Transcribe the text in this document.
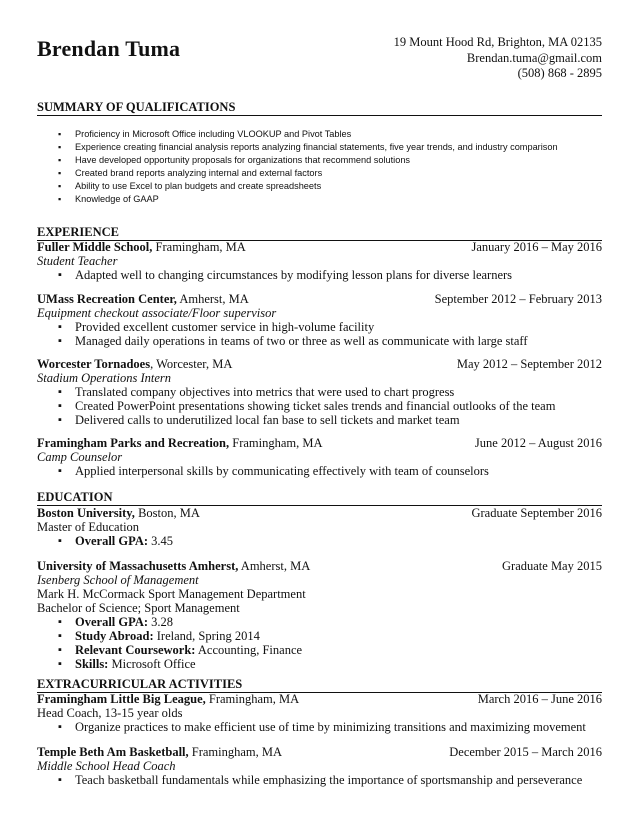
Brendan Tuma	19 Mount Hood Rd, Brighton, MA 02135
Brendan.tuma@gmail.com
(508) 868 - 2895
SUMMARY OF QUALIFICATIONS
▪ Proficiency in Microsoft Office including VLOOKUP and Pivot Tables
▪ Experience creating financial analysis reports analyzing financial statements, five year trends, and industry comparison
▪ Have developed opportunity proposals for organizations that recommend solutions
▪ Created brand reports analyzing internal and external factors
▪ Ability to use Excel to plan budgets and create spreadsheets
▪ Knowledge of GAAP
EXPERIENCE
Fuller Middle School, Framingham, MA	January 2016 – May 2016
Student Teacher
▪ Adapted well to changing circumstances by modifying lesson plans for diverse learners
UMass Recreation Center, Amherst, MA	September 2012 – February 2013
Equipment checkout associate/Floor supervisor
▪ Provided excellent customer service in high-volume facility
▪ Managed daily operations in teams of two or three as well as communicate with large staff
Worcester Tornadoes, Worcester, MA	May 2012 – September 2012
Stadium Operations Intern
▪ Translated company objectives into metrics that were used to chart progress
▪ Created PowerPoint presentations showing ticket sales trends and financial outlooks of the team
▪ Delivered calls to underutilized local fan base to sell tickets and market team
Framingham Parks and Recreation, Framingham, MA	June 2012 – August 2016
Camp Counselor
▪ Applied interpersonal skills by communicating effectively with team of counselors
EDUCATION
Boston University, Boston, MA	Graduate September 2016
Master of Education
▪ Overall GPA: 3.45
University of Massachusetts Amherst, Amherst, MA	Graduate May 2015
Isenberg School of Management
Mark H. McCormack Sport Management Department
Bachelor of Science; Sport Management
▪ Overall GPA: 3.28
▪ Study Abroad: Ireland, Spring 2014
▪ Relevant Coursework: Accounting, Finance
▪ Skills: Microsoft Office
EXTRACURRICULAR ACTIVITIES
Framingham Little Big League, Framingham, MA	March 2016 – June 2016
Head Coach, 13-15 year olds
▪ Organize practices to make efficient use of time by minimizing transitions and maximizing movement
Temple Beth Am Basketball, Framingham, MA	December 2015 – March 2016
Middle School Head Coach
▪ Teach basketball fundamentals while emphasizing the importance of sportsmanship and perseverance
